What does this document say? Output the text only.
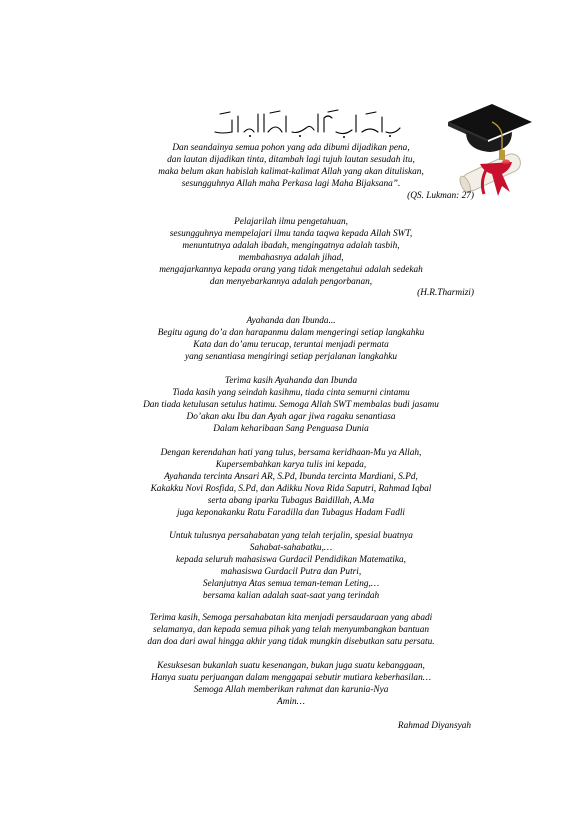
Dan seandainya semua pohon yang ada dibumi dijadikan pena,
dan lautan dijadikan tinta, ditambah lagi tujuh lautan sesudah itu,
maka belum akan habislah kalimat-kalimat Allah yang akan dituliskan,
sesungguhnya Allah maha Perkasa lagi Maha Bijaksana”.
(QS. Lukman: 27)
Pelajarilah ilmu pengetahuan,
sesungguhnya mempelajari ilmu tanda taqwa kepada Allah SWT,
menuntutnya adalah ibadah, mengingatnya adalah tasbih,
membahasnya adalah jihad,
mengajarkannya kepada orang yang tidak mengetahui adalah sedekah
dan menyebarkannya adalah pengorbanan,
(H.R.Tharmizi)
Ayahanda dan Ibunda...
Begitu agung do’a dan harapanmu dalam mengeringi setiap langkahku
Kata dan do’amu terucap, teruntai menjadi permata
yang senantiasa mengiringi setiap perjalanan langkahku
Terima kasih Ayahanda dan Ibunda
Tiada kasih yang seindah kasihmu, tiada cinta semurni cintamu
Dan tiada ketulusan setulus hatimu. Semoga Allah SWT membalas budi jasamu
Do’akan aku Ibu dan Ayah agar jiwa ragaku senantiasa
Dalam keharibaan Sang Penguasa Dunia
Dengan kerendahan hati yang tulus, bersama keridhaan-Mu ya Allah,
Kupersembahkan karya tulis ini kepada,
Ayahanda tercinta Ansari AR, S.Pd, Ibunda tercinta Mardiani, S.Pd,
Kakakku Novi Rosfida, S.Pd, dan Adikku Nova Rida Saputri, Rahmad Iqbal
serta abang iparku Tubagus Baidillah, A.Ma
juga keponakanku Ratu Faradilla dan Tubagus Hadam Fadli
Untuk tulusnya persahabatan yang telah terjalin, spesial buatnya
Sahabat-sahabatku,…
kepada seluruh mahasiswa Gurdacil Pendidikan Matematika,
mahasiswa Gurdacil Putra dan Putri,
Selanjutnya Atas semua teman-teman Leting,…
bersama kalian adalah saat-saat yang terindah
Terima kasih, Semoga persahabatan kita menjadi persaudaraan yang abadi
selamanya, dan kepada semua pihak yang telah menyumbangkan bantuan
dan doa dari awal hingga akhir yang tidak mungkin disebutkan satu persatu.
Kesuksesan bukanlah suatu kesenangan, bukan juga suatu kebanggaan,
Hanya suatu perjuangan dalam menggapai sebutir mutiara keberhasilan…
Semoga Allah memberikan rahmat dan karunia-Nya
Amin…
Rahmad Diyansyah
